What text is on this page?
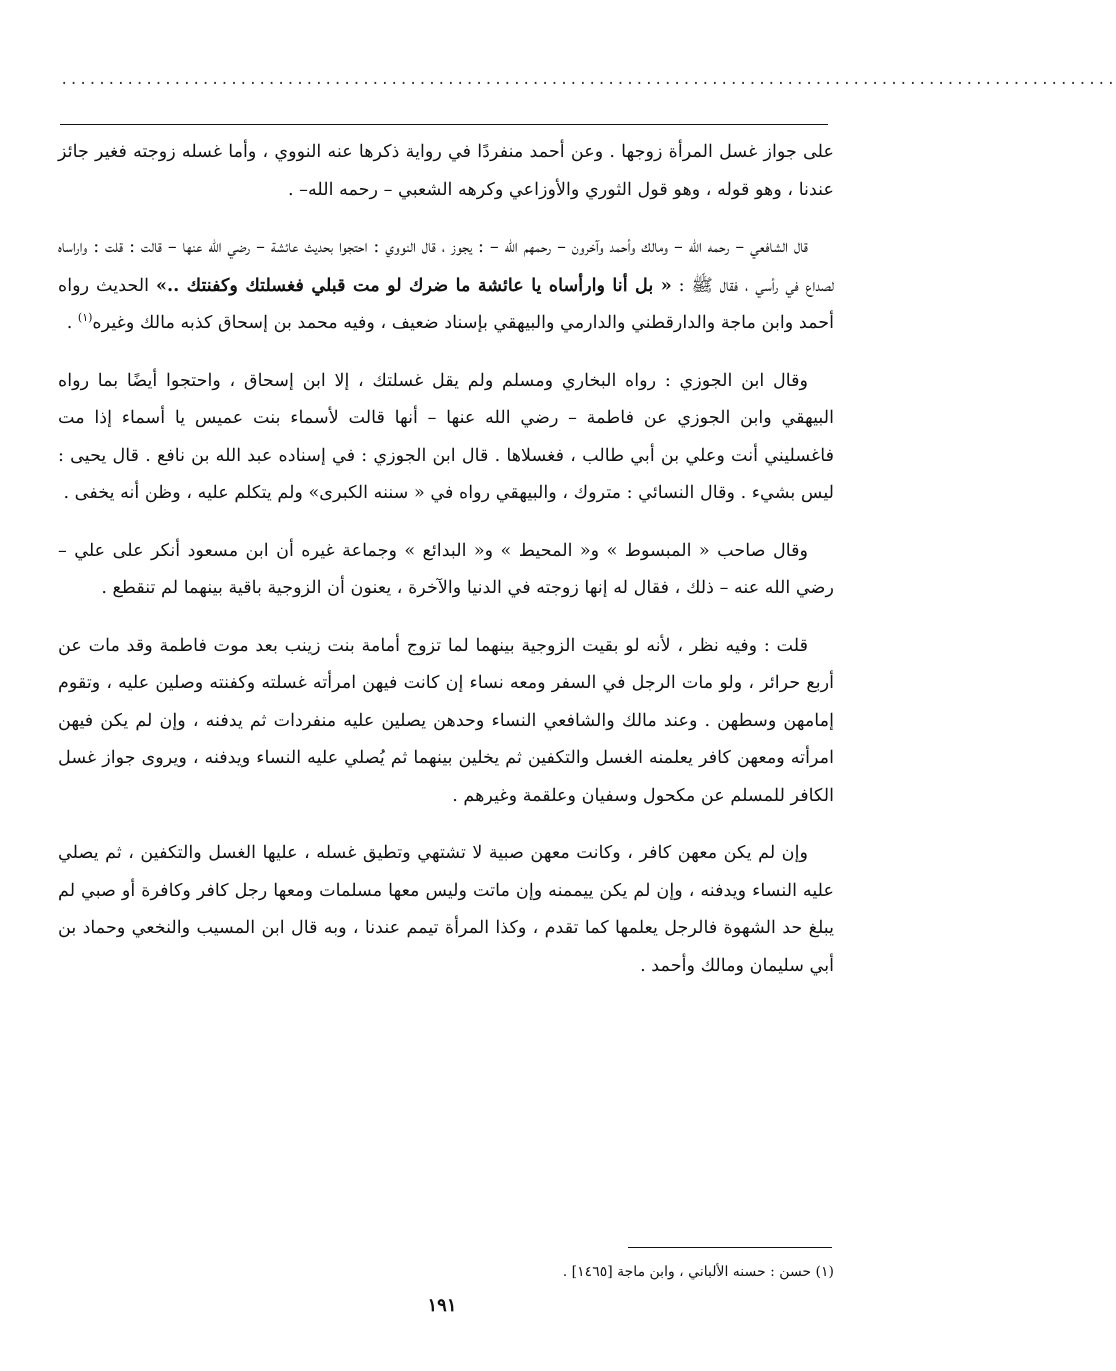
................................................................................................................

على جواز غسل المرأة زوجها . وعن أحمد منفردًا في رواية ذكرها عنه النووي ، وأما غسله زوجته فغير جائز عندنا ، وهو قوله ، وهو قول الثوري والأوزاعي وكرهه الشعبي – رحمه الله– .

قال الشافعي – رحمه الله – ومالك وأحمد وآخرون – رحمهم الله – : يجوز ، قال النووي : احتجوا بحديث عائشة – رضي الله عنها – قالت : قلت : واراساه لصداع في رأسي ، فقال ﷺ : « بل أنا وارأساه يا عائشة ما ضرك لو مت قبلي فغسلتك وكفنتك ..» الحديث رواه أحمد وابن ماجة والدارقطني والدارمي والبيهقي بإسناد ضعيف ، وفيه محمد بن إسحاق كذبه مالك وغيره$^{(١)}$ .

وقال ابن الجوزي : رواه البخاري ومسلم ولم يقل غسلتك ، إلا ابن إسحاق ، واحتجوا أيضًا بما رواه البيهقي وابن الجوزي عن فاطمة – رضي الله عنها – أنها قالت لأسماء بنت عميس يا أسماء إذا مت فاغسليني أنت وعلي بن أبي طالب ، فغسلاها . قال ابن الجوزي : في إسناده عبد الله بن نافع . قال يحيى : ليس بشيء . وقال النسائي : متروك ، والبيهقي رواه في « سننه الكبرى» ولم يتكلم عليه ، وظن أنه يخفى .

وقال صاحب « المبسوط » و« المحيط » و« البدائع » وجماعة غيره أن ابن مسعود أنكر على علي – رضي الله عنه – ذلك ، فقال له إنها زوجته في الدنيا والآخرة ، يعنون أن الزوجية باقية بينهما لم تنقطع .

قلت : وفيه نظر ، لأنه لو بقيت الزوجية بينهما لما تزوج أمامة بنت زينب بعد موت فاطمة وقد مات عن أربع حرائر ، ولو مات الرجل في السفر ومعه نساء إن كانت فيهن امرأته غسلته وكفنته وصلين عليه ، وتقوم إمامهن وسطهن . وعند مالك والشافعي النساء وحدهن يصلين عليه منفردات ثم يدفنه ، وإن لم يكن فيهن امرأته ومعهن كافر يعلمنه الغسل والتكفين ثم يخلين بينهما ثم يُصلي عليه النساء ويدفنه ، ويروى جواز غسل الكافر للمسلم عن مكحول وسفيان وعلقمة وغيرهم .

وإن لم يكن معهن كافر ، وكانت معهن صبية لا تشتهي وتطيق غسله ، عليها الغسل والتكفين ، ثم يصلي عليه النساء ويدفنه ، وإن لم يكن ييممنه وإن ماتت وليس معها مسلمات ومعها رجل كافر وكافرة أو صبي لم يبلغ حد الشهوة فالرجل يعلمها كما تقدم ، وكذا المرأة تيمم عندنا ، وبه قال ابن المسيب والنخعي وحماد بن أبي سليمان ومالك وأحمد .

(١) حسن : حسنه الألباني ، وابن ماجة [١٤٦٥] .
١٩١
